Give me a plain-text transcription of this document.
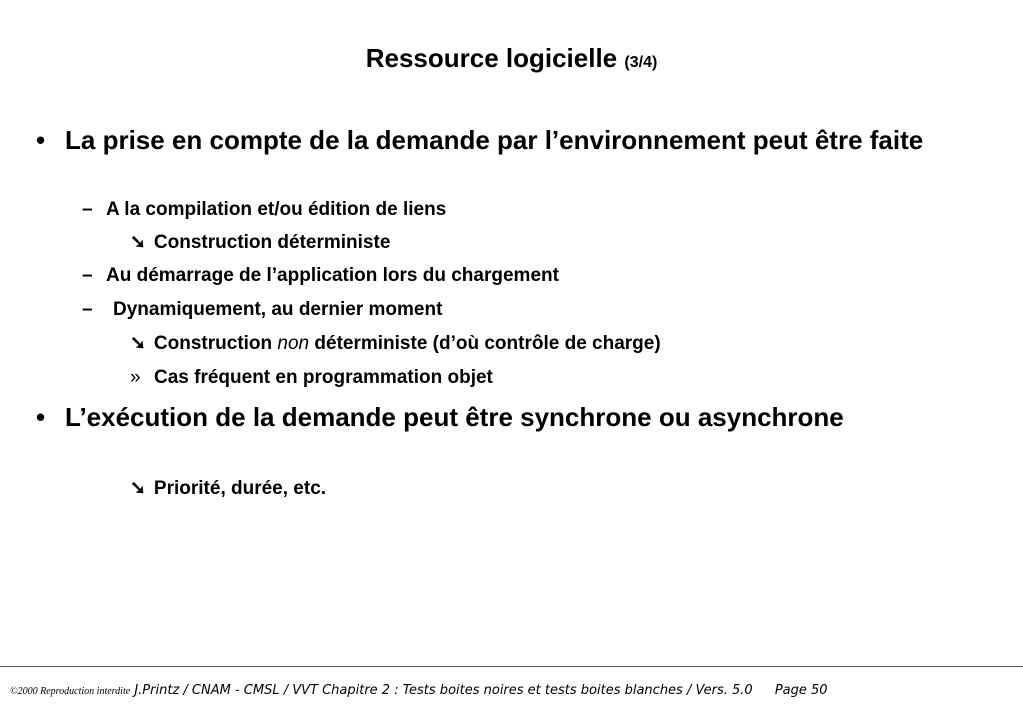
Ressource logicielle (3/4)
• La prise en compte de la demande par l’environnement peut être faite
– A la compilation et/ou édition de liens
➘ Construction déterministe
– Au démarrage de l’application lors du chargement
– Dynamiquement, au dernier moment
➘ Construction non déterministe (d’où contrôle de charge)
» Cas fréquent en programmation objet
• L’exécution de la demande peut être synchrone ou asynchrone
➘ Priorité, durée, etc.
©2000 Reproduction interdite J.Printz / CNAM - CMSL / VVT Chapitre 2 : Tests boites noires et tests boites blanches / Vers. 5.0 Page 50
